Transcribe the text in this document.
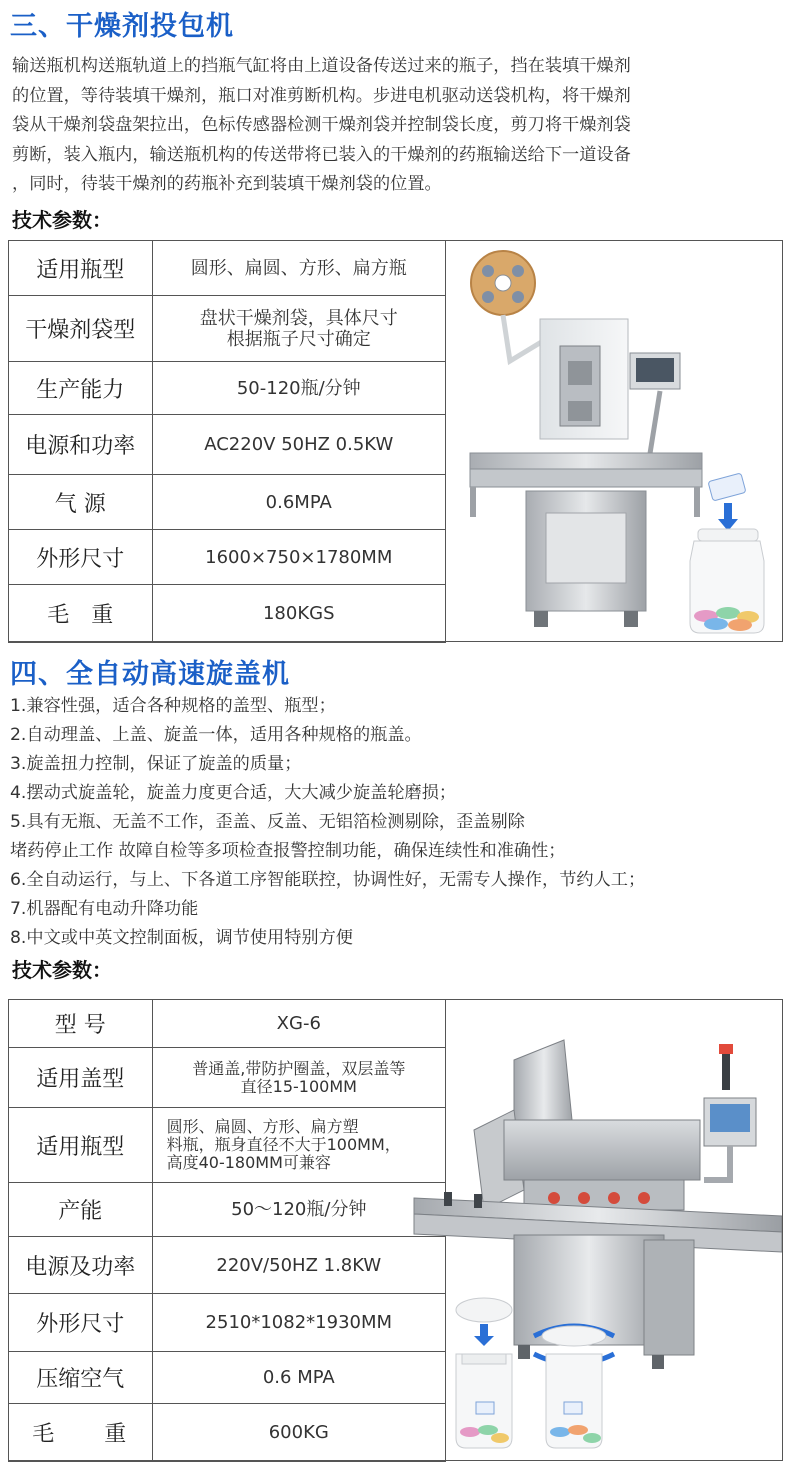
三、干燥剂投包机
输送瓶机构送瓶轨道上的挡瓶气缸将由上道设备传送过来的瓶子，挡在装填干燥剂
的位置，等待装填干燥剂，瓶口对准剪断机构。步进电机驱动送袋机构，将干燥剂
袋从干燥剂袋盘架拉出，色标传感器检测干燥剂袋并控制袋长度，剪刀将干燥剂袋
剪断，装入瓶内，输送瓶机构的传送带将已装入的干燥剂的药瓶输送给下一道设备
，同时，待装干燥剂的药瓶补充到装填干燥剂袋的位置。
技术参数：
适用瓶型	圆形、扁圆、方形、扁方瓶
干燥剂袋型	盘状干燥剂袋，具体尺寸
根据瓶子尺寸确定
生产能力	50-120瓶/分钟
电源和功率	AC220V 50HZ 0.5KW
气 源	0.6MPA
外形尺寸	1600×750×1780MM
毛　重	180KGS
四、全自动高速旋盖机
1.兼容性强，适合各种规格的盖型、瓶型；
2.自动理盖、上盖、旋盖一体，适用各种规格的瓶盖。
3.旋盖扭力控制，保证了旋盖的质量；
4.摆动式旋盖轮，旋盖力度更合适，大大减少旋盖轮磨损；
5.具有无瓶、无盖不工作，歪盖、反盖、无铝箔检测剔除，歪盖剔除
堵药停止工作 故障自检等多项检查报警控制功能，确保连续性和准确性；
6.全自动运行，与上、下各道工序智能联控，协调性好，无需专人操作，节约人工；
7.机器配有电动升降功能
8.中文或中英文控制面板，调节使用特别方便
技术参数：
型 号	XG-6
适用盖型	普通盖,带防护圈盖，双层盖等
直径15-100MM
适用瓶型	圆形、扁圆、方形、扁方塑
料瓶，瓶身直径不大于100MM，
高度40-180MM可兼容
产能	50～120瓶/分钟
电源及功率	220V/50HZ 1.8KW
外形尺寸	2510*1082*1930MM
压缩空气	0.6 MPA
毛　　重	600KG
